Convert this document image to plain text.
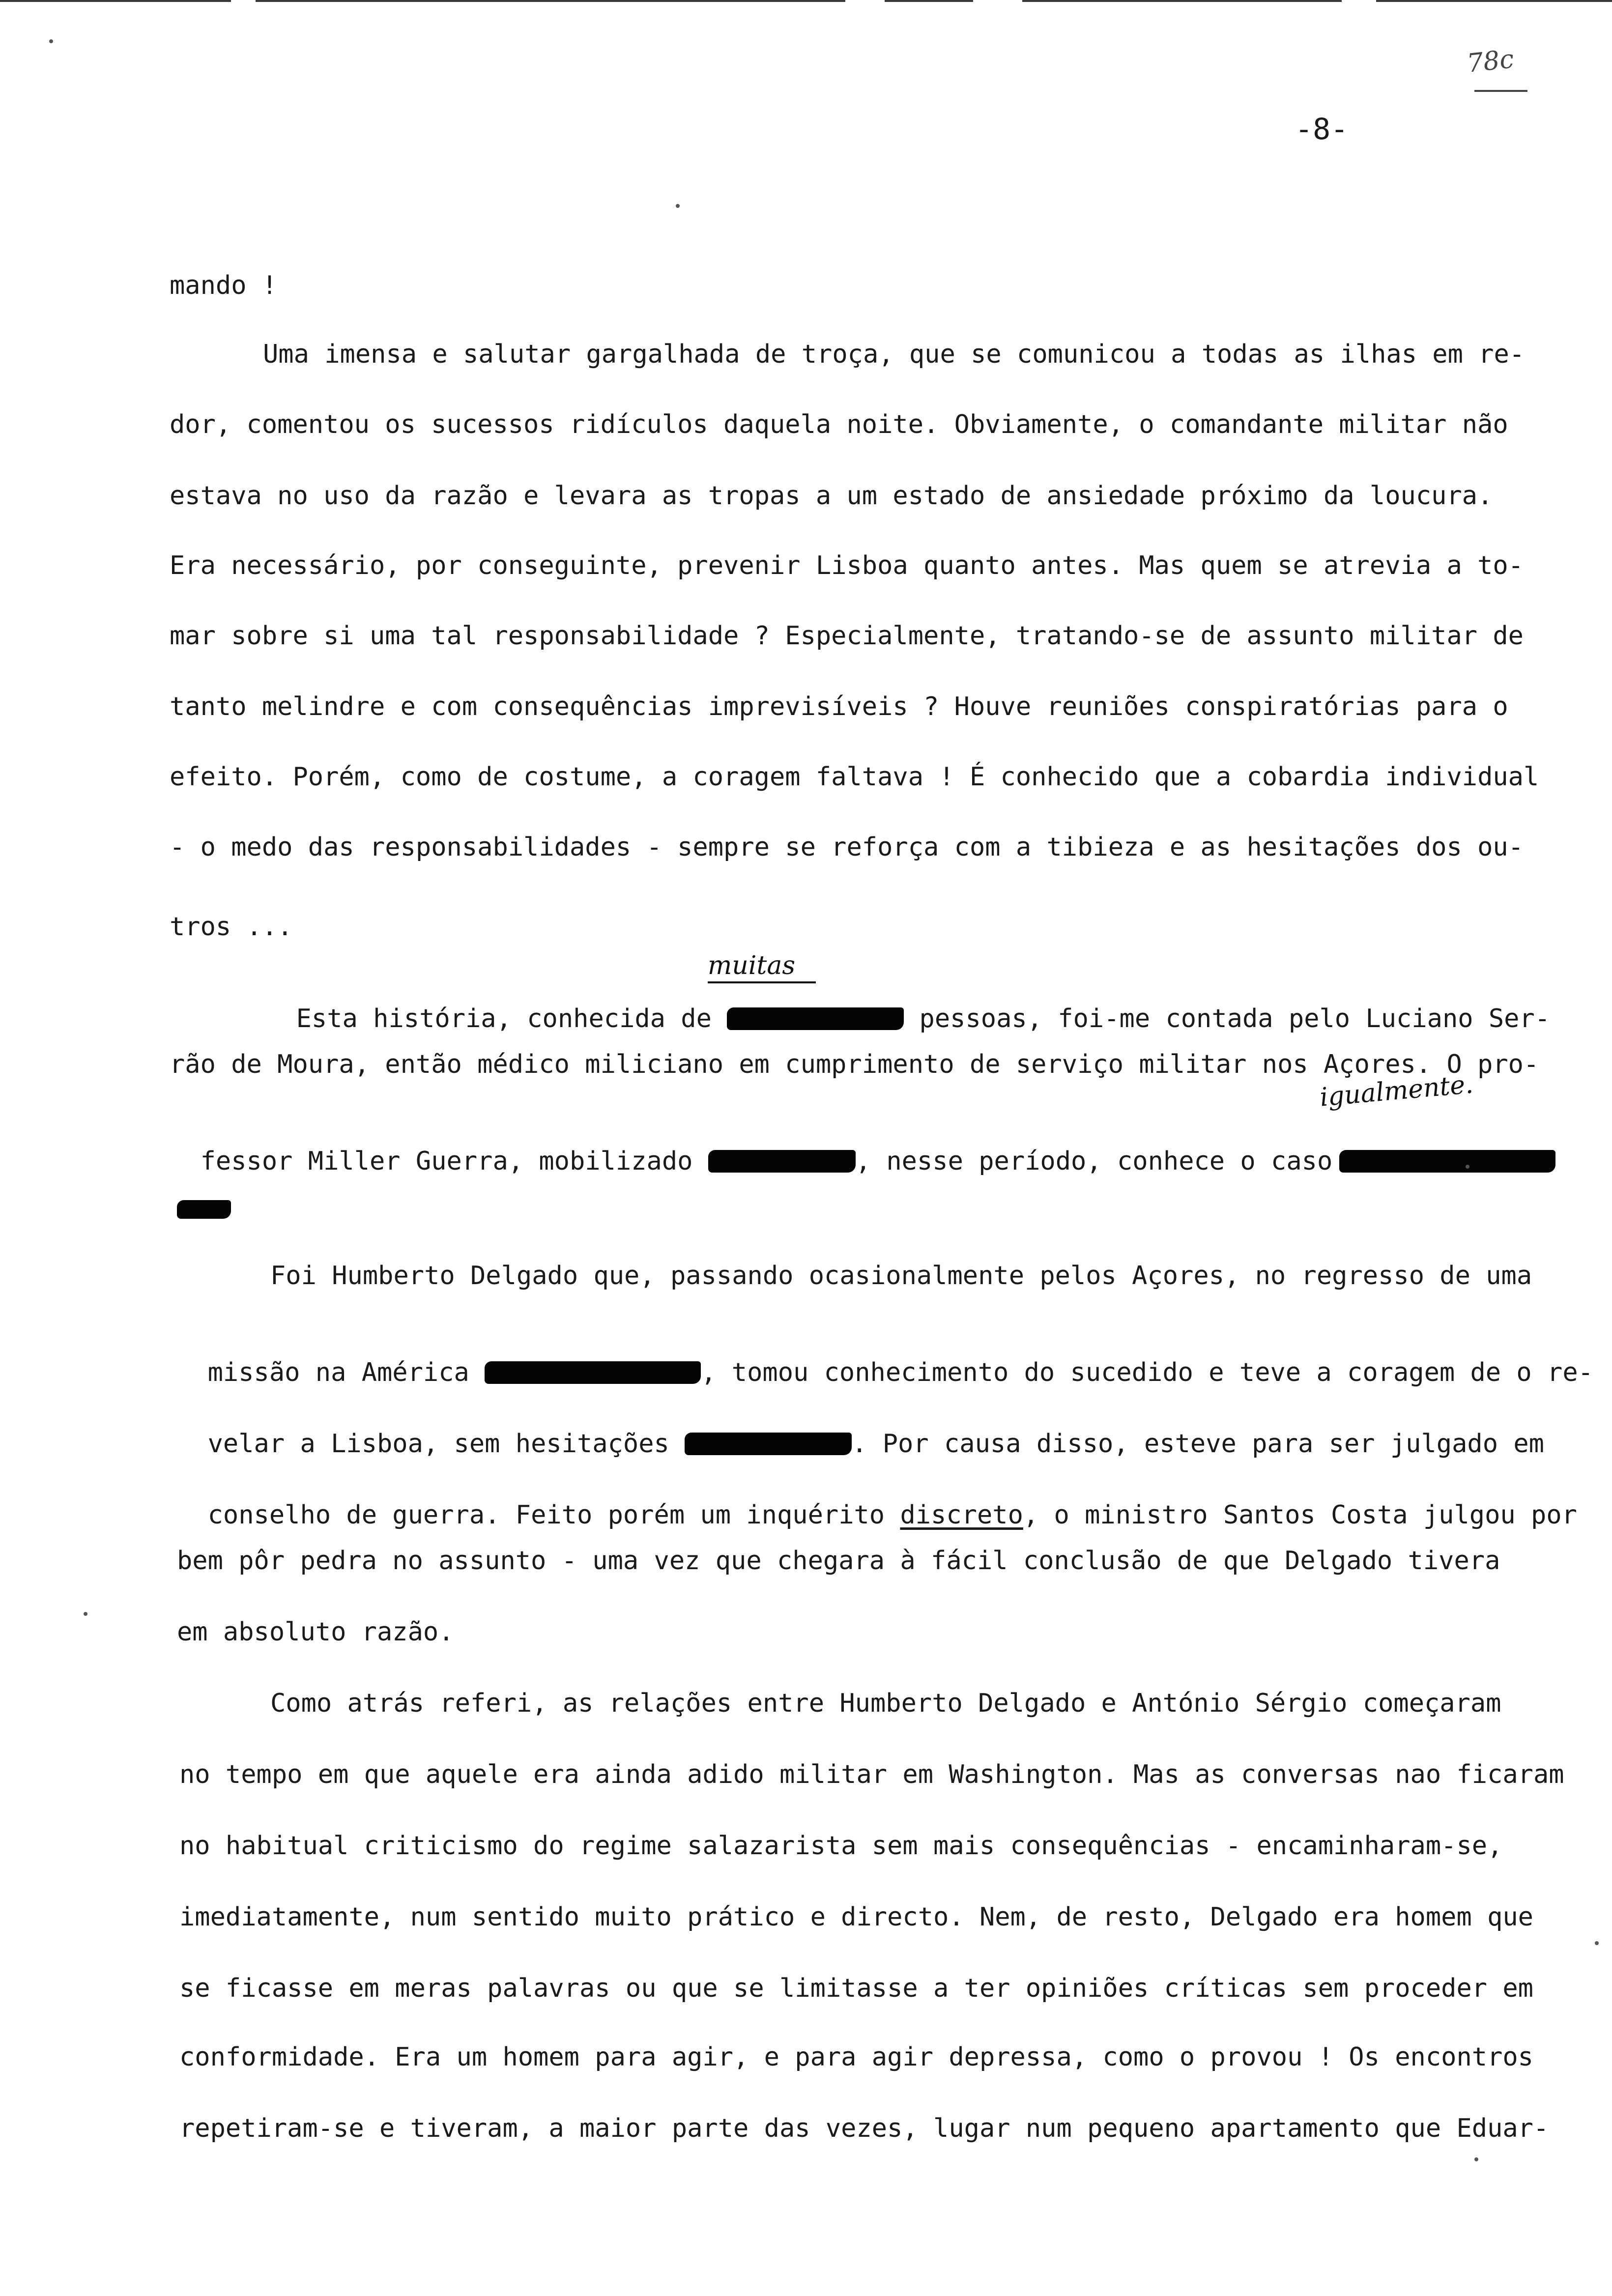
78c
-8-
mando !
Uma imensa e salutar gargalhada de troça, que se comunicou a todas as ilhas em re-
dor, comentou os sucessos ridículos daquela noite. Obviamente, o comandante militar não
estava no uso da razão e levara as tropas a um estado de ansiedade próximo da loucura.
Era necessário, por conseguinte, prevenir Lisboa quanto antes. Mas quem se atrevia a to-
mar sobre si uma tal responsabilidade ? Especialmente, tratando-se de assunto militar de
tanto melindre e com consequências imprevisíveis ? Houve reuniões conspiratórias para o
efeito. Porém, como de costume, a coragem faltava ! É conhecido que a cobardia individual
- o medo das responsabilidades - sempre se reforça com a tibieza e as hesitações dos ou-
tros ...

Esta história, conhecida de	pessoas, foi-me contada pelo Luciano Ser-

muitas
rão de Moura, então médico miliciano em cumprimento de serviço militar nos Açores. O pro-

fessor Miller Guerra, mobilizado	, nesse período, conhece o caso

igualmente.
Foi Humberto Delgado que, passando ocasionalmente pelos Açores, no regresso de uma

missão na América	, tomou conhecimento do sucedido e teve a coragem de o re-

velar a Lisboa, sem hesitações	. Por causa disso, esteve para ser julgado em

conselho de guerra. Feito porém um inquérito discreto, o ministro Santos Costa julgou por

bem pôr pedra no assunto - uma vez que chegara à fácil conclusão de que Delgado tivera
em absoluto razão.
Como atrás referi, as relações entre Humberto Delgado e António Sérgio começaram
no tempo em que aquele era ainda adido militar em Washington. Mas as conversas nao ficaram
no habitual criticismo do regime salazarista sem mais consequências - encaminharam-se,
imediatamente, num sentido muito prático e directo. Nem, de resto, Delgado era homem que
se ficasse em meras palavras ou que se limitasse a ter opiniões críticas sem proceder em
conformidade. Era um homem para agir, e para agir depressa, como o provou ! Os encontros
repetiram-se e tiveram, a maior parte das vezes, lugar num pequeno apartamento que Eduar-
